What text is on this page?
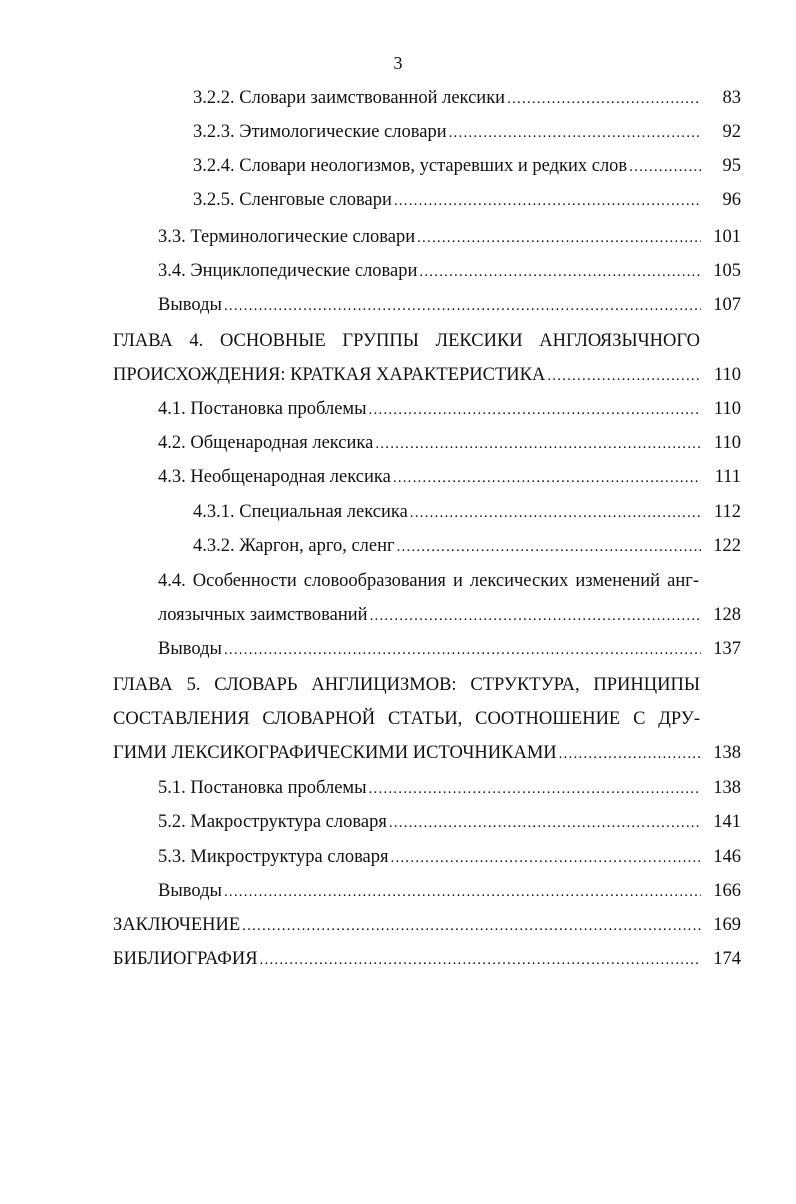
3
3.2.2. Словари заимствованной лексики .....	83
3.2.3. Этимологические словари .....	92
3.2.4. Словари неологизмов, устаревших и редких слов .....	95
3.2.5. Сленговые словари .....	96
3.3. Терминологические словари .....	101
3.4. Энциклопедические словари .....	105
Выводы .....	107
ГЛАВА 4. ОСНОВНЫЕ ГРУППЫ ЛЕКСИКИ АНГЛОЯЗЫЧНОГО
ПРОИСХОЖДЕНИЯ: КРАТКАЯ ХАРАКТЕРИСТИКА .....	110
4.1. Постановка проблемы .....	110
4.2. Общенародная лексика .....	110
4.3. Необщенародная лексика .....	111
4.3.1. Специальная лексика .....	112
4.3.2. Жаргон, арго, сленг .....	122
4.4. Особенности словообразования и лексических изменений анг-
лоязычных заимствований .....	128
Выводы .....	137
ГЛАВА 5. СЛОВАРЬ АНГЛИЦИЗМОВ: СТРУКТУРА, ПРИНЦИПЫ
СОСТАВЛЕНИЯ СЛОВАРНОЙ СТАТЬИ, СООТНОШЕНИЕ С ДРУ-
ГИМИ ЛЕКСИКОГРАФИЧЕСКИМИ ИСТОЧНИКАМИ .....	138
5.1. Постановка проблемы .....	138
5.2. Макроструктура словаря .....	141
5.3. Микроструктура словаря .....	146
Выводы .....	166
ЗАКЛЮЧЕНИЕ .....	169
БИБЛИОГРАФИЯ .....	174
